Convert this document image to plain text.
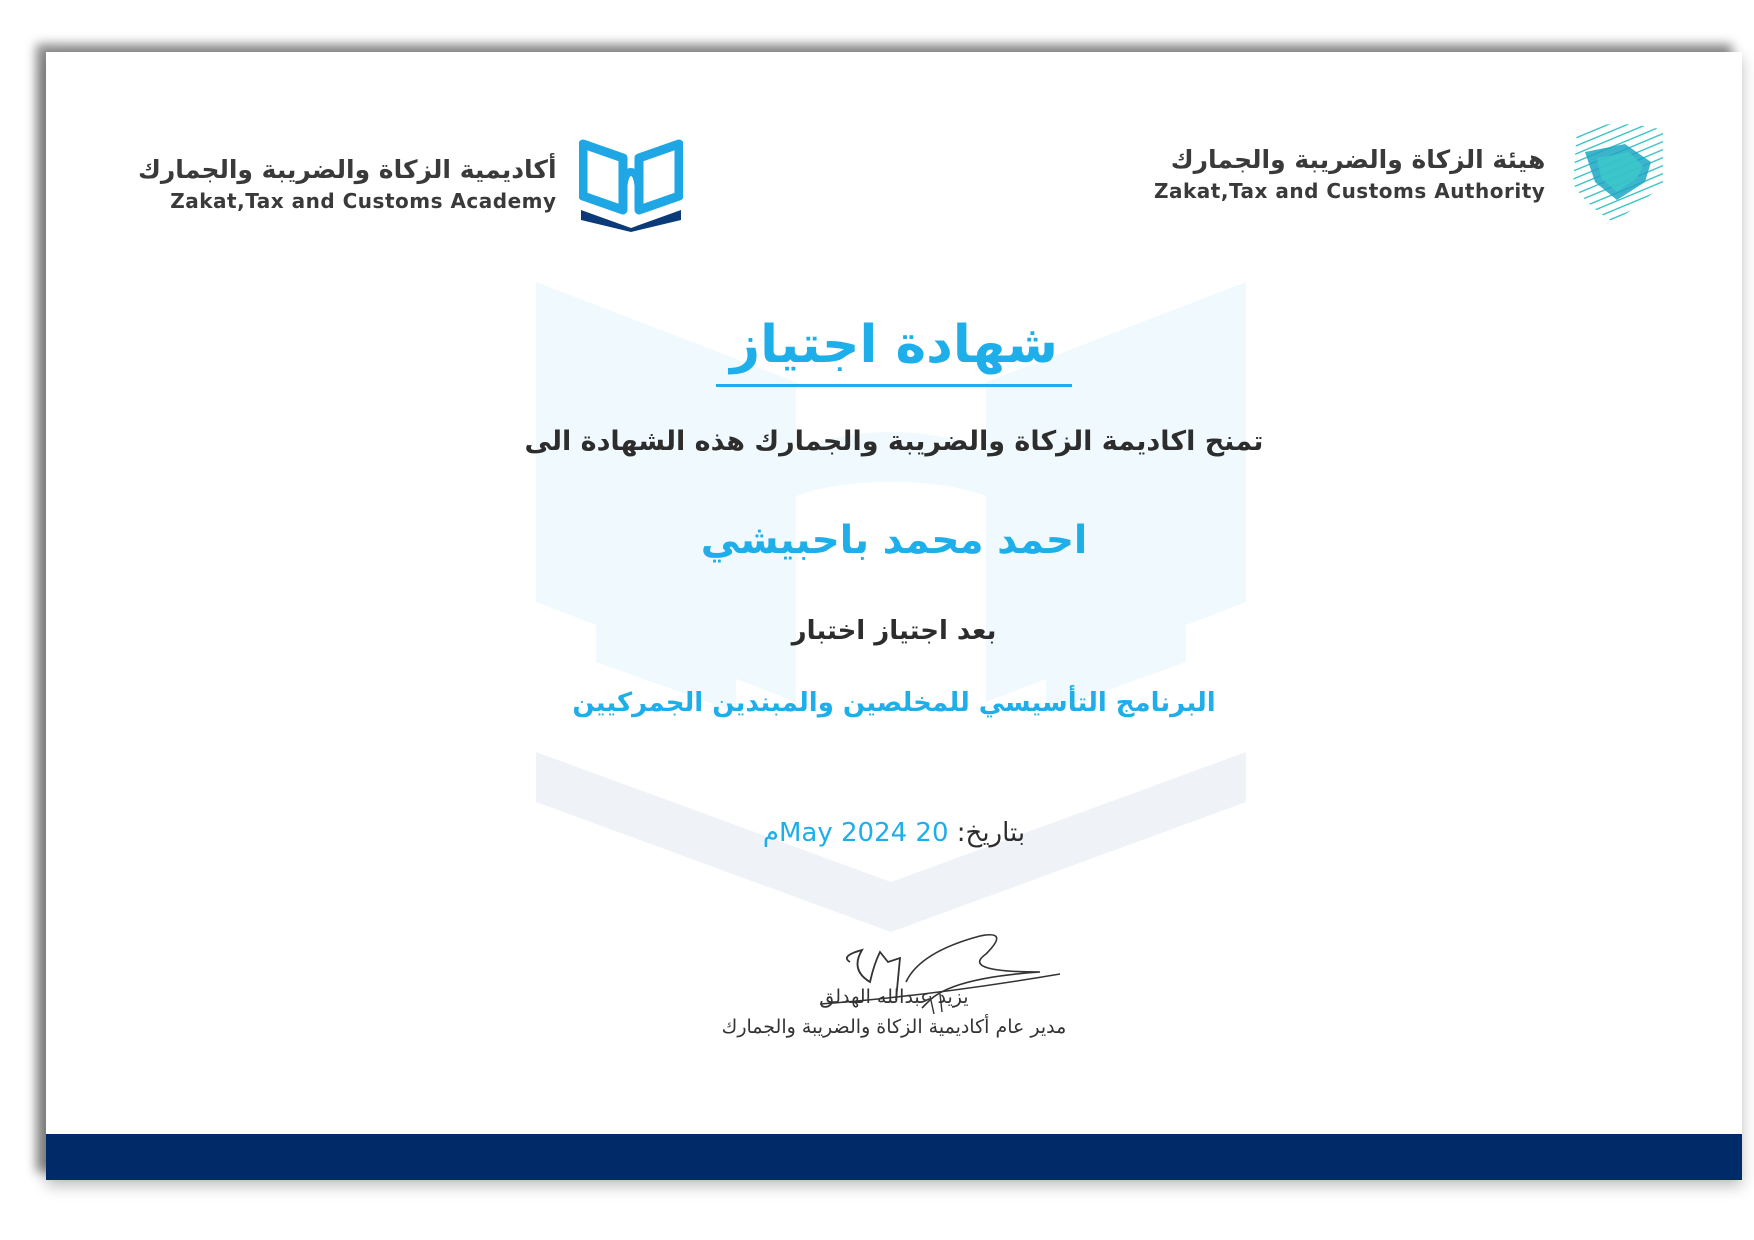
هيئة الزكاة والضريبة والجمارك
Zakat,Tax and Customs Authority
أكاديمية الزكاة والضريبة والجمارك
Zakat,Tax and Customs Academy
شهادة اجتياز
تمنح اكاديمة الزكاة والضريبة والجمارك هذه الشهادة الى
احمد محمد باحبيشي
بعد اجتياز اختبار
البرنامج التأسيسي للمخلصين والمبندين الجمركيين
بتاريخ: 20 May 2024م
يزيد عبدالله الهدلق
مدير عام أكاديمية الزكاة والضريبة والجمارك
